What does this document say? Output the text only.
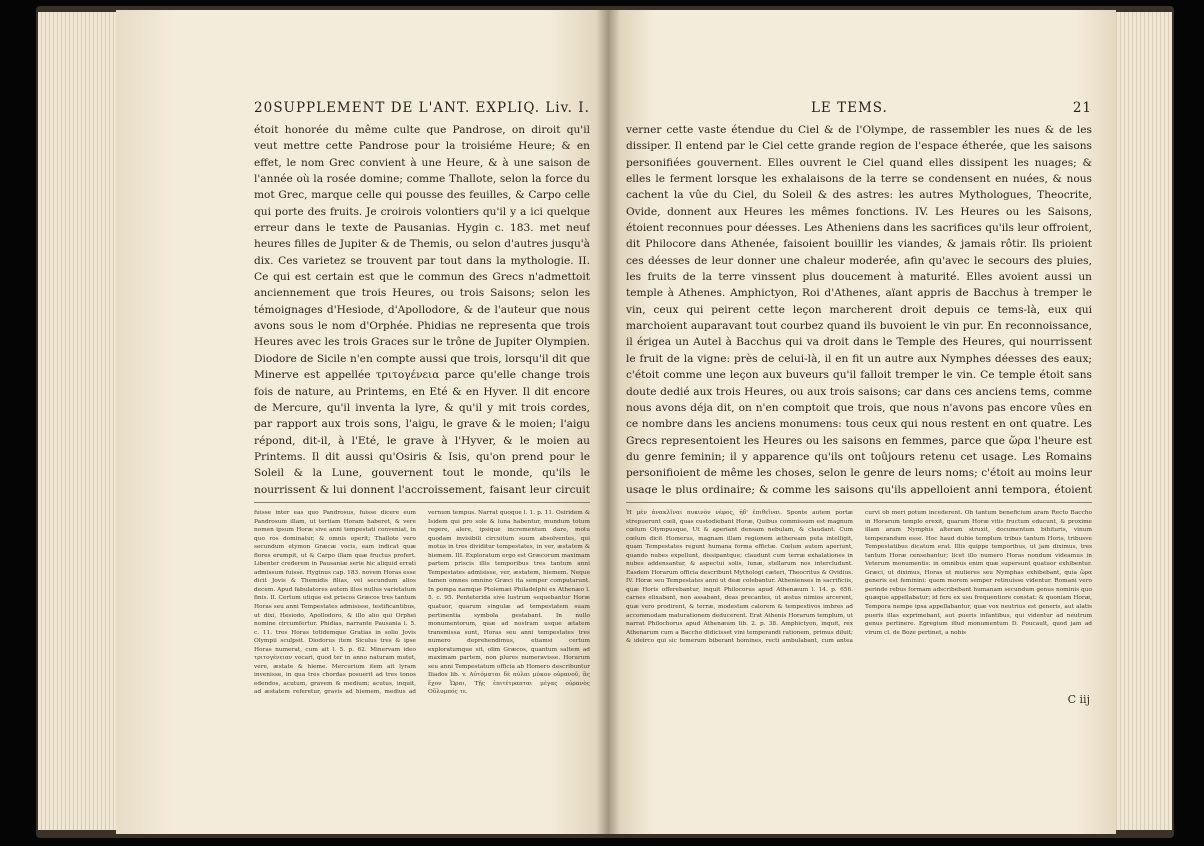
20 SUPPLEMENT DE L'ANT. EXPLIQ. Liv. I.
étoit honorée du même culte que Pandrose, on diroit qu'il veut mettre cette Pandrose pour la troisiéme Heure; & en effet, le nom Grec convient à une Heure, & à une saison de l'année où la rosée domine; comme Thallote, selon la force du mot Grec, marque celle qui pousse des feuilles, & Carpo celle qui porte des fruits. Je croirois volontiers qu'il y a ici quelque erreur dans le texte de Pausanias. Hygin c. 183. met neuf heures filles de Jupiter & de Themis, ou selon d'autres jusqu'à dix. Ces varietez se trouvent par tout dans la mythologie. II. Ce qui est certain est que le commun des Grecs n'admettoit anciennement que trois Heures, ou trois Saisons; selon les témoignages d'Hesiode, d'Apollodore, & de l'auteur que nous avons sous le nom d'Orphée. Phidias ne representa que trois Heures avec les trois Graces sur le trône de Jupiter Olympien. Diodore de Sicile n'en compte aussi que trois, lorsqu'il dit que Minerve est appellée τριτογένεια parce qu'elle change trois fois de nature, au Printems, en Eté & en Hyver. Il dit encore de Mercure, qu'il inventa la lyre, & qu'il y mit trois cordes, par rapport aux trois sons, l'aigu, le grave & le moien; l'aigu répond, dit-il, à l'Eté, le grave à l'Hyver, & le moien au Printems. Il dit aussi qu'Osiris & Isis, qu'on prend pour le Soleil & la Lune, gouvernent tout le monde, qu'ils le nourrissent & lui donnent l'accroissement, faisant leur circuit
fuisse inter eas quo Pandrosus, fuisse dicere eum Pandrosum illam, ut tertiam Horam haberet, & vere nomen ipsum Horæ sive anni tempestati conveniat, in quo ros dominatur, & omnis operit; Thallote vero secundum etymon Græcæ vocis, eam indicat quæ flores erumpit, ut & Carpo illam quæ fructus profert. Libenter crederem in Pausaniæ serie hic aliquid erratì admissum fuisse. Hyginus cap. 183. novem Horas esse dicit Jovis & Themidis filias, vel secundum alios decem. Apud fabulatores autem illos nullus varietatum finis. II. Certum utique est priscos Græcos tres tantum Horas seu anni Tempestates admisisse, testificantibus, ut dixi, Hesiodo, Apollodoro, & illo alio qui Orphei nomine circumfertur. Phidias, narrante Pausania l. 5. c. 11. tres Horas totidemque Gratias in solio Jovis Olympii sculpsit. Diodorus item Siculus tres & ipse Horas numerat, cum ait l. 5. p. 62. Minervam ideo τριτογένειαν vocari, quod ter in anno naturam mutet, vere, æstate & hieme. Mercurium item ait lyram invenisse, in qua tres chordas posuerit ad tres tonos edendos, acutum, gravem & medium; acutus, inquit, ad æstatem referetur, gravis ad hiemem, medius ad vernum tempus. Narrat quoque l. 1. p. 11. Osiridem & Isidem qui pro sole & luna habentur, mundum totum regere, alere, ipsique incrementum dare, motu quodam invisibili circuitum suum absolventes, qui motus in tres dividitur tempestates, in ver, æstatem & hiemem. III. Exploratum ergo est Græcorum maximam partem priscis illis temporibus tres tantum anni Tempestates admisisse, ver, æstatem, hiemem. Neque tamen omnes omnino Græci ita semper computarunt. In pompa namque Ptolemæi Philadelphi ex Athenæo l. 5. c. 95. Penteterida sive lustrum sequebantur Horæ quatuor, quarum singulæ ad tempestatem suam pertinentia symbola gestabant. In nullo monumentorum, quæ ad nostram usque ætatem transmissa sunt, Horas seu anni tempestates tres numero deprehendimus, etiamsi certum exploratumque sit, olim Græcos, quantum saltem ad maximam partem, non plures numeravisse. Horarum seu anni Tempestatum officia ab Homero describuntur Iliados lib. v. Αὐτόμαται δὲ πύλαι μύκον οὐρανοῦ, ἃς ἔχον Ὧραι, Τῇς ἐπιτέτραπται μέγας οὐρανὸς Οὔλυμπός τε.
LE TEMS.	21
verner cette vaste étendue du Ciel & de l'Olympe, de rassembler les nues & de les dissiper. Il entend par le Ciel cette grande region de l'espace étherée, que les saisons personifiées gouvernent. Elles ouvrent le Ciel quand elles dissipent les nuages; & elles le ferment lorsque les exhalaisons de la terre se condensent en nuées, & nous cachent la vûe du Ciel, du Soleil & des astres: les autres Mythologues, Theocrite, Ovide, donnent aux Heures les mêmes fonctions. IV. Les Heures ou les Saisons, étoient reconnues pour déesses. Les Atheniens dans les sacrifices qu'ils leur offroient, dit Philocore dans Athenée, faisoient bouillir les viandes, & jamais rôtir. Ils prioient ces déesses de leur donner une chaleur moderée, afin qu'avec le secours des pluies, les fruits de la terre vinssent plus doucement à maturité. Elles avoient aussi un temple à Athenes. Amphictyon, Roi d'Athenes, aïant appris de Bacchus à tremper le vin, ceux qui peirent cette leçon marcherent droit depuis ce tems-là, eux qui marchoient auparavant tout courbez quand ils buvoient le vin pur. En reconnoissance, il érigea un Autel à Bacchus qui va droit dans le Temple des Heures, qui nourrissent le fruit de la vigne: près de celui-là, il en fit un autre aux Nymphes déesses des eaux; c'étoit comme une leçon aux buveurs qu'il falloit tremper le vin. Ce temple étoit sans doute dedié aux trois Heures, ou aux trois saisons; car dans ces anciens tems, comme nous avons déja dit, on n'en comptoit que trois, que nous n'avons pas encore vûes en ce nombre dans les anciens monumens: tous ceux qui nous restent en ont quatre. Les Grecs representoient les Heures ou les saisons en femmes, parce que ὥρα l'heure est du genre feminin; il y apparence qu'ils ont toûjours retenu cet usage. Les Romains personifioient de même les choses, selon le genre de leurs noms; c'étoit au moins leur usage le plus ordinaire; & comme les saisons qu'ils appelloient anni tempora, étoient
Ἠ μὲν ἀνακλῖναι πυκινὸν νέφος, ἠδ' ἐπιθεῖναι. Sponte autem portæ strepuerunt cœli, quas custodiebant Horæ, Quibus commissum est magnum cœlum Olympusque, Ut & aperiant densam nebulam, & claudant. Cum cœlum dicit Homerus, magnam illam regionem ætheream puta intelligit, quam Tempestates regunt humana forma effictæ. Cœlum autem aperiunt, quando nubes expellunt, dissipantque; claudunt cum terræ exhalationes in nubes addensantur, & aspectui solis, lunæ, stellarum nos intercludunt. Easdem Horarum officia describunt Mythologi cæteri, Theocritus & Ovidius. IV. Horæ seu Tempestates anni ut deæ colebantur. Athenienses in sacrificiis, quæ Horis offerebantur, inquit Philocorus apud Athenæum l. 14. p. 656. carnes elixabant, non assabant, deas precantes, ut æstus nimios arcerent, quæ vero prodirent, & terræ, modestum calorem & tempestivos imbres ad accommodam maturationem deducerent. Erat Athenis Horarum templum, ut narrat Philochorus apud Athenæum lib. 2. p. 38. Amphictyon, inquit, rex Athenarum cum a Baccho didicisset vini temperandi rationem, primus diluit; & ideirco qui sic temerum biberant homines, recti ambulabant, cum antea curvi ob meri potum incederent. Ob tantum beneficium aram Recto Baccho in Horarum templo erexit, quarum Horæ vitis fructum educunt, & proxime illam aram Nymphis alteram struxit, documentum bibituris, vinum temperandum esse. Hoc haud dubie templum tribus tantum Horis, tribusve Tempestatibus dicatum erat. Illis quippe temporibus, ut jam diximus, tres tantum Horæ censebantur; licet illo numero Horas nondum videamus in Veterum monumentis: in omnibus enim quæ supersunt quatuor exhibentur. Græci, ut diximus, Horas ut mulieres seu Nymphas exhibebant, quia ὥρα generis est feminini: quem morem semper retinuisse videntur. Romani vero perinde rebus formam adscribebant humanam secundum genus nominis quo quæque appellabatur; id fere ex usu frequentiore constat: & quoniam Horæ, Tempora nempe ipsa appellabantur, quæ vox neutrius est generis, aut alatis pueris illas exprimebant, aut pueris infantibus, qui videntur ad neutrum genus pertinere. Egregium illud monumentum D. Foucault, quod jam ad virum cl. de Boze pertinet, a nobis
C iij
